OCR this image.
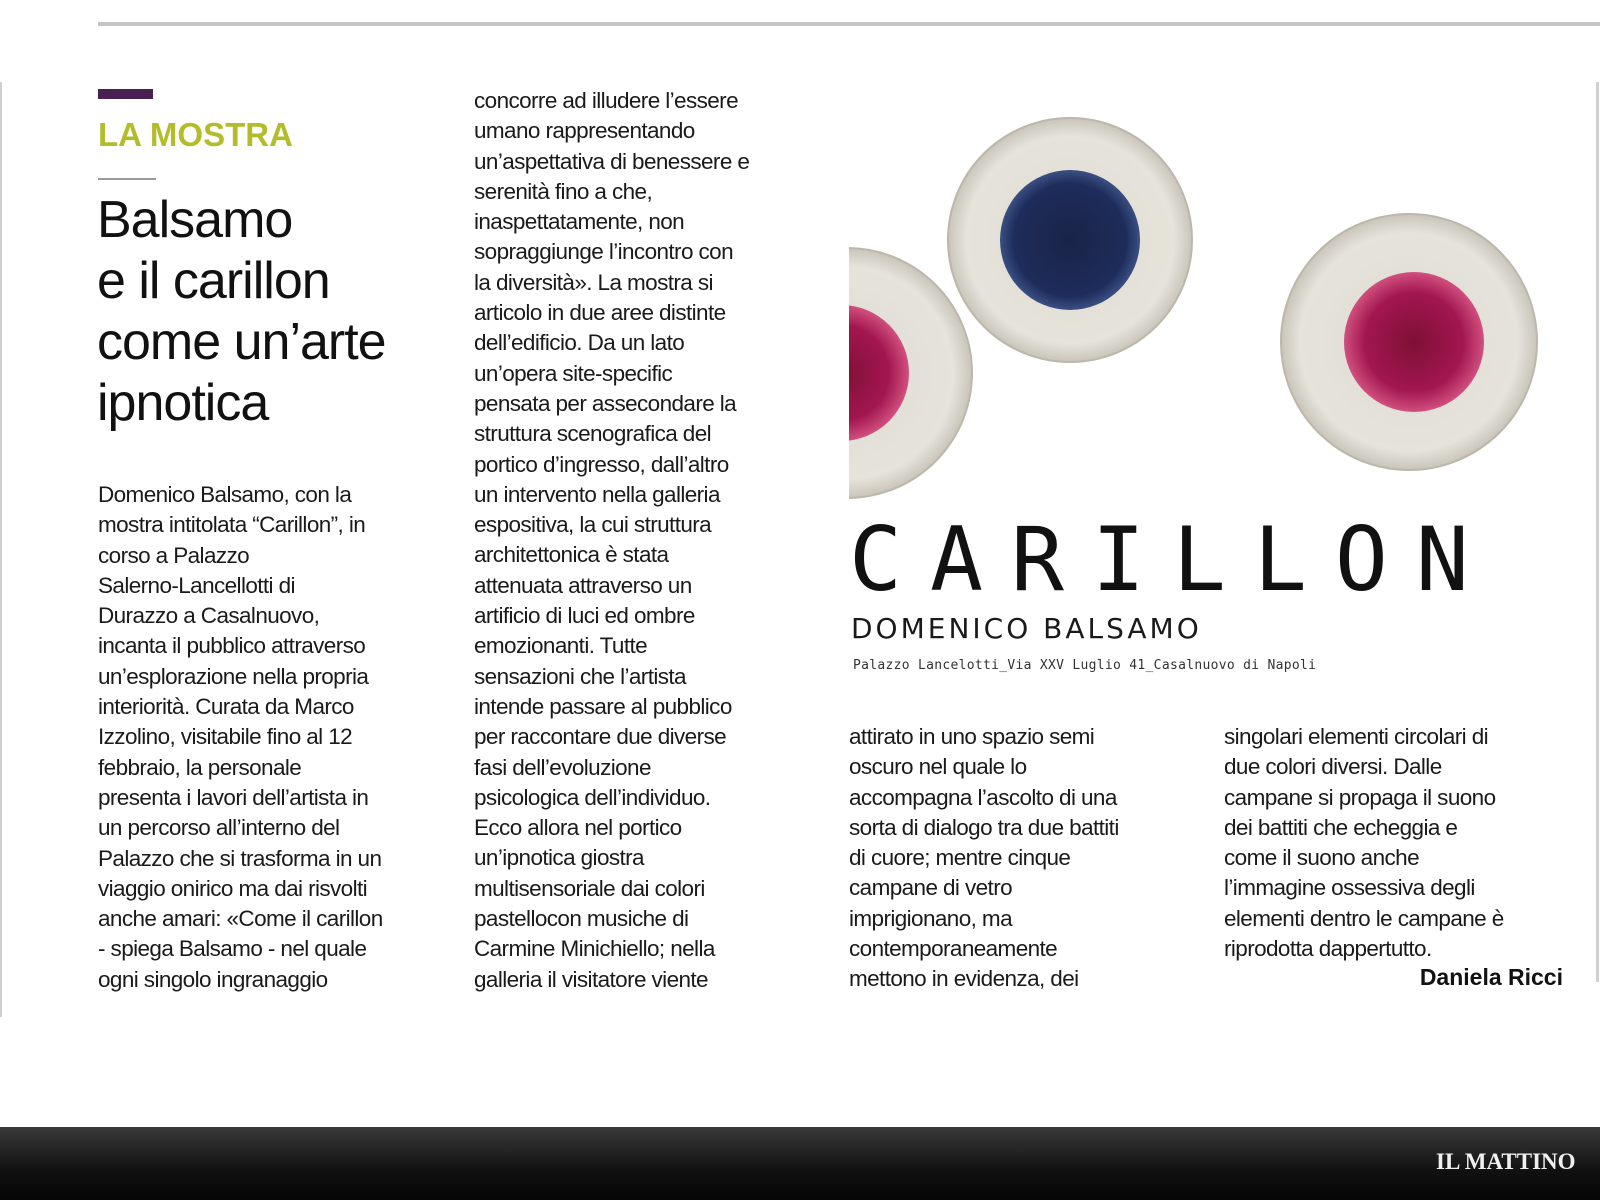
LA MOSTRA
Balsamo
e il carillon
come un’arte
ipnotica
Domenico Balsamo, con la
mostra intitolata “Carillon”, in
corso a Palazzo
Salerno-Lancellotti di
Durazzo a Casalnuovo,
incanta il pubblico attraverso
un’esplorazione nella propria
interiorità. Curata da Marco
Izzolino, visitabile fino al 12
febbraio, la personale
presenta i lavori dell’artista in
un percorso all’interno del
Palazzo che si trasforma in un
viaggio onirico ma dai risvolti
anche amari: «Come il carillon
- spiega Balsamo - nel quale
ogni singolo ingranaggio
concorre ad illudere l’essere
umano rappresentando
un’aspettativa di benessere e
serenità fino a che,
inaspettatamente, non
sopraggiunge l’incontro con
la diversità». La mostra si
articolo in due aree distinte
dell’edificio. Da un lato
un’opera site-specific
pensata per assecondare la
struttura scenografica del
portico d’ingresso, dall’altro
un intervento nella galleria
espositiva, la cui struttura
architettonica è stata
attenuata attraverso un
artificio di luci ed ombre
emozionanti. Tutte
sensazioni che l’artista
intende passare al pubblico
per raccontare due diverse
fasi dell’evoluzione
psicologica dell’individuo.
Ecco allora nel portico
un’ipnotica giostra
multisensoriale dai colori
pastellocon musiche di
Carmine Minichiello; nella
galleria il visitatore viente
attirato in uno spazio semi
oscuro nel quale lo
accompagna l’ascolto di una
sorta di dialogo tra due battiti
di cuore; mentre cinque
campane di vetro
imprigionano, ma
contemporaneamente
mettono in evidenza, dei
singolari elementi circolari di
due colori diversi. Dalle
campane si propaga il suono
dei battiti che echeggia e
come il suono anche
l’immagine ossessiva degli
elementi dentro le campane è
riprodotta dappertutto.
Daniela Ricci
CARILLON
DOMENICO BALSAMO
Palazzo Lancelotti_Via XXV Luglio 41_Casalnuovo di Napoli
IL MATTINO
